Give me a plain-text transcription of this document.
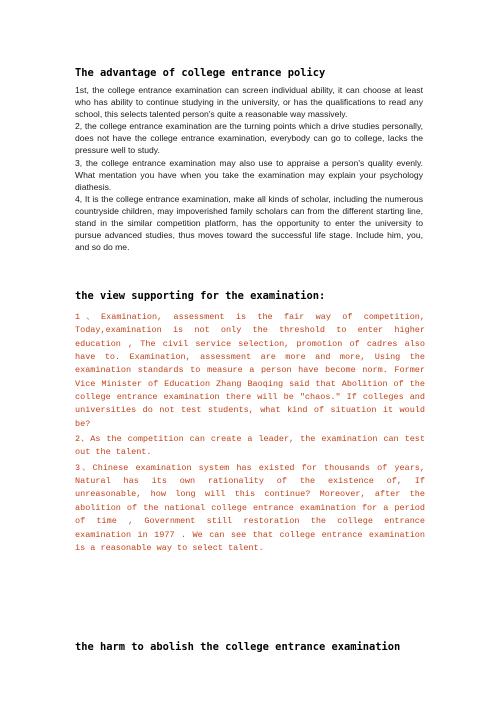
The advantage of college entrance policy

1st, the college entrance examination can screen individual ability, it can choose at least who has ability to continue studying in the university, or has the qualifications to read any school, this selects talented person's quite a reasonable way massively.

2, the college entrance examination are the turning points which a drive studies personally, does not have the college entrance examination, everybody can go to college, lacks the pressure well to study.

3, the college entrance examination may also use to appraise a person's quality evenly. What mentation you have when you take the examination may explain your psychology diathesis.

4, It is the college entrance examination, make all kinds of scholar, including the numerous countryside children, may impoverished family scholars can from the different starting line, stand in the similar competition platform, has the opportunity to enter the university to pursue advanced studies, thus moves toward the successful life stage. Include him, you, and so do me.

the view supporting for the examination:

1、Examination, assessment is the fair way of competition, Today,examination is not only the threshold to enter higher education , The civil service selection, promotion of cadres also have to. Examination, assessment are more and more, Using the examination standards to measure a person have become norm. Former Vice Minister of Education Zhang Baoqing said that Abolition of the college entrance examination there will be "chaos." If colleges and universities do not test students, what kind of situation it would be?

2、As the competition can create a leader, the examination can test out the talent.

3、Chinese examination system has existed for thousands of years, Natural has its own rationality of the existence of, If unreasonable, how long will this continue? Moreover, after the abolition of the national college entrance examination for a period of time , Government still restoration the college entrance examination in 1977 . We can see that college entrance examination is a reasonable way to select talent.

the harm to abolish the college entrance examination
